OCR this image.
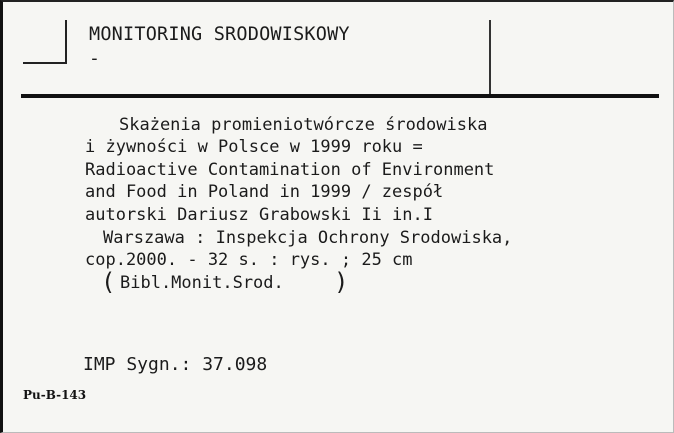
MONITORING SRODOWISKOWY
-
Skażenia promieniotwórcze środowiska
i żywności w Polsce w 1999 roku =
Radioactive Contamination of Environment
and Food in Poland in 1999 / zespół
autorski Dariusz Grabowski Ii in.I
Warszawa : Inspekcja Ochrony Srodowiska,
cop.2000. - 32 s. : rys. ; 25 cm
Bibl.Monit.Srod.
(	)
IMP Sygn.: 37.098
Pu-B-143
